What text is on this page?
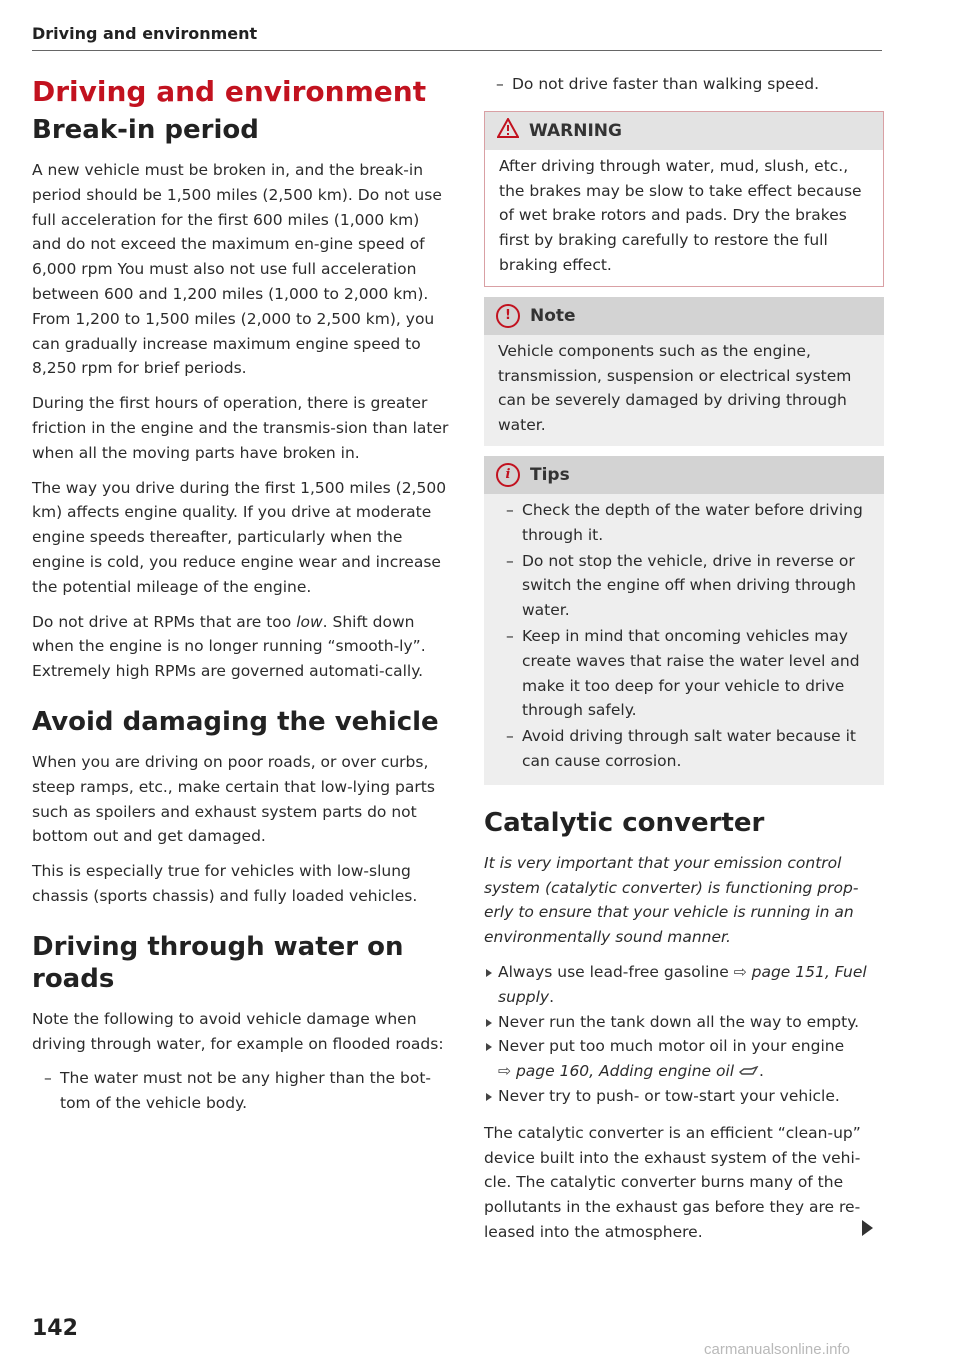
Driving and environment
Driving and environment
Break-in period

A new vehicle must be broken in, and the break-in period should be 1,500 miles (2,500 km). Do not use full acceleration for the first 600 miles (1,000 km) and do not exceed the maximum en-gine speed of 6,000 rpm You must also not use full acceleration between 600 and 1,200 miles (1,000 to 2,000 km). From 1,200 to 1,500 miles (2,000 to 2,500 km), you can gradually increase maximum engine speed to 8,250 rpm for brief periods.

During the first hours of operation, there is greater friction in the engine and the transmis-sion than later when all the moving parts have broken in.

The way you drive during the first 1,500 miles (2,500 km) affects engine quality. If you drive at moderate engine speeds thereafter, particularly when the engine is cold, you reduce engine wear and increase the potential mileage of the engine.

Do not drive at RPMs that are too low. Shift down when the engine is no longer running “smooth-ly”. Extremely high RPMs are governed automati-cally.

Avoid damaging the vehicle

When you are driving on poor roads, or over curbs, steep ramps, etc., make certain that low-lying parts such as spoilers and exhaust system parts do not bottom out and get damaged.

This is especially true for vehicles with low-slung chassis (sports chassis) and fully loaded vehicles.

Driving through water on roads

Note the following to avoid vehicle damage when driving through water, for example on flooded roads:

– The water must not be any higher than the bot-tom of the vehicle body.
– Do not drive faster than walking speed.
WARNING

After driving through water, mud, slush, etc., the brakes may be slow to take effect because of wet brake rotors and pads. Dry the brakes first by braking carefully to restore the full braking effect.

!	Note

Vehicle components such as the engine, transmission, suspension or electrical system can be severely damaged by driving through water.

i	Tips
– Check the depth of the water before driving through it.
– Do not stop the vehicle, drive in reverse or switch the engine off when driving through water.
– Keep in mind that oncoming vehicles may create waves that raise the water level and make it too deep for your vehicle to drive through safely.
– Avoid driving through salt water because it can cause corrosion.
Catalytic converter

It is very important that your emission control system (catalytic converter) is functioning prop-erly to ensure that your vehicle is running in an environmentally sound manner.

Always use lead-free gasoline ⇨ page 151, Fuel supply.
Never run the tank down all the way to empty.
Never put too much motor oil in your engine
⇨ page 160, Adding engine oil .
Never try to push- or tow-start your vehicle.

The catalytic converter is an efficient “clean-up” device built into the exhaust system of the vehi-cle. The catalytic converter burns many of the pollutants in the exhaust gas before they are re-leased into the atmosphere.

142
carmanualsonline.info
